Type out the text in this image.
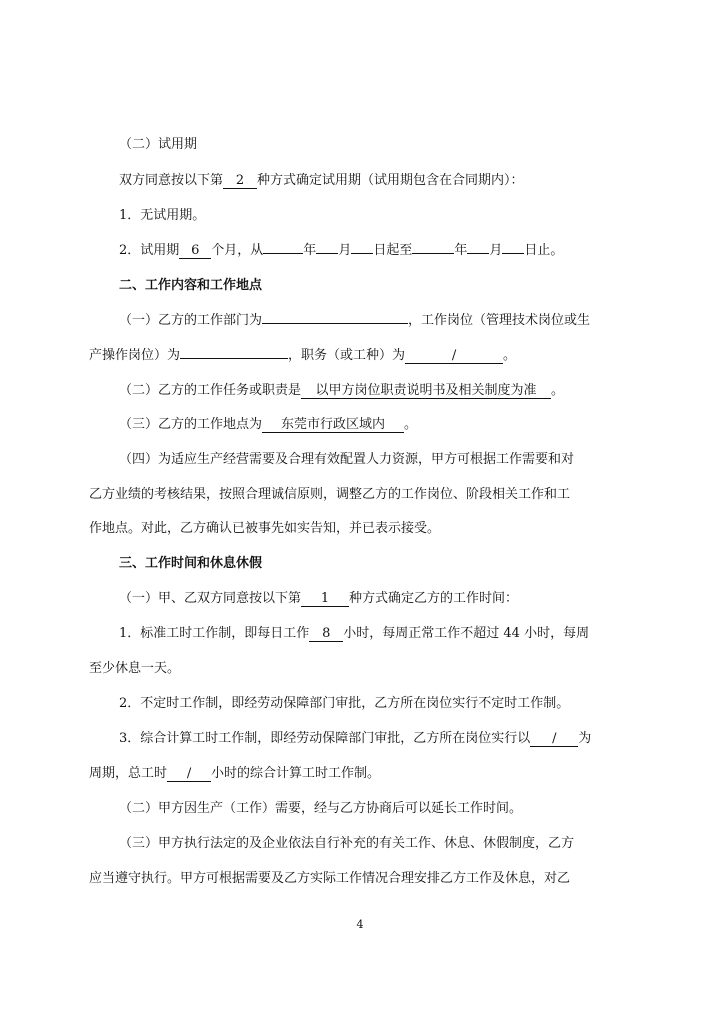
（二）试用期
双方同意按以下第 2 种方式确定试用期（试用期包含在合同期内）：
1．无试用期。
2．试用期 6 个月，从	年 月 日起至	年 月 日止。
二、工作内容和工作地点
（一）乙方的工作部门为	，工作岗位（管理技术岗位或生
产操作岗位）为	，职务（或工种）为	/	。
（二）乙方的工作任务或职责是 以甲方岗位职责说明书及相关制度为准 。
（三）乙方的工作地点为 东莞市行政区域内 。
（四）为适应生产经营需要及合理有效配置人力资源，甲方可根据工作需要和对
乙方业绩的考核结果，按照合理诚信原则，调整乙方的工作岗位、阶段相关工作和工
作地点。对此，乙方确认已被事先如实告知，并已表示接受。
三、工作时间和休息休假
（一）甲、乙双方同意按以下第 1 种方式确定乙方的工作时间：
1．标准工时工作制，即每日工作 8 小时，每周正常工作不超过 44 小时，每周
至少休息一天。
2．不定时工作制，即经劳动保障部门审批，乙方所在岗位实行不定时工作制。
3．综合计算工时工作制，即经劳动保障部门审批，乙方所在岗位实行以 / 为
周期，总工时 / 小时的综合计算工时工作制。
（二）甲方因生产（工作）需要，经与乙方协商后可以延长工作时间。
（三）甲方执行法定的及企业依法自行补充的有关工作、休息、休假制度，乙方
应当遵守执行。甲方可根据需要及乙方实际工作情况合理安排乙方工作及休息，对乙
4
